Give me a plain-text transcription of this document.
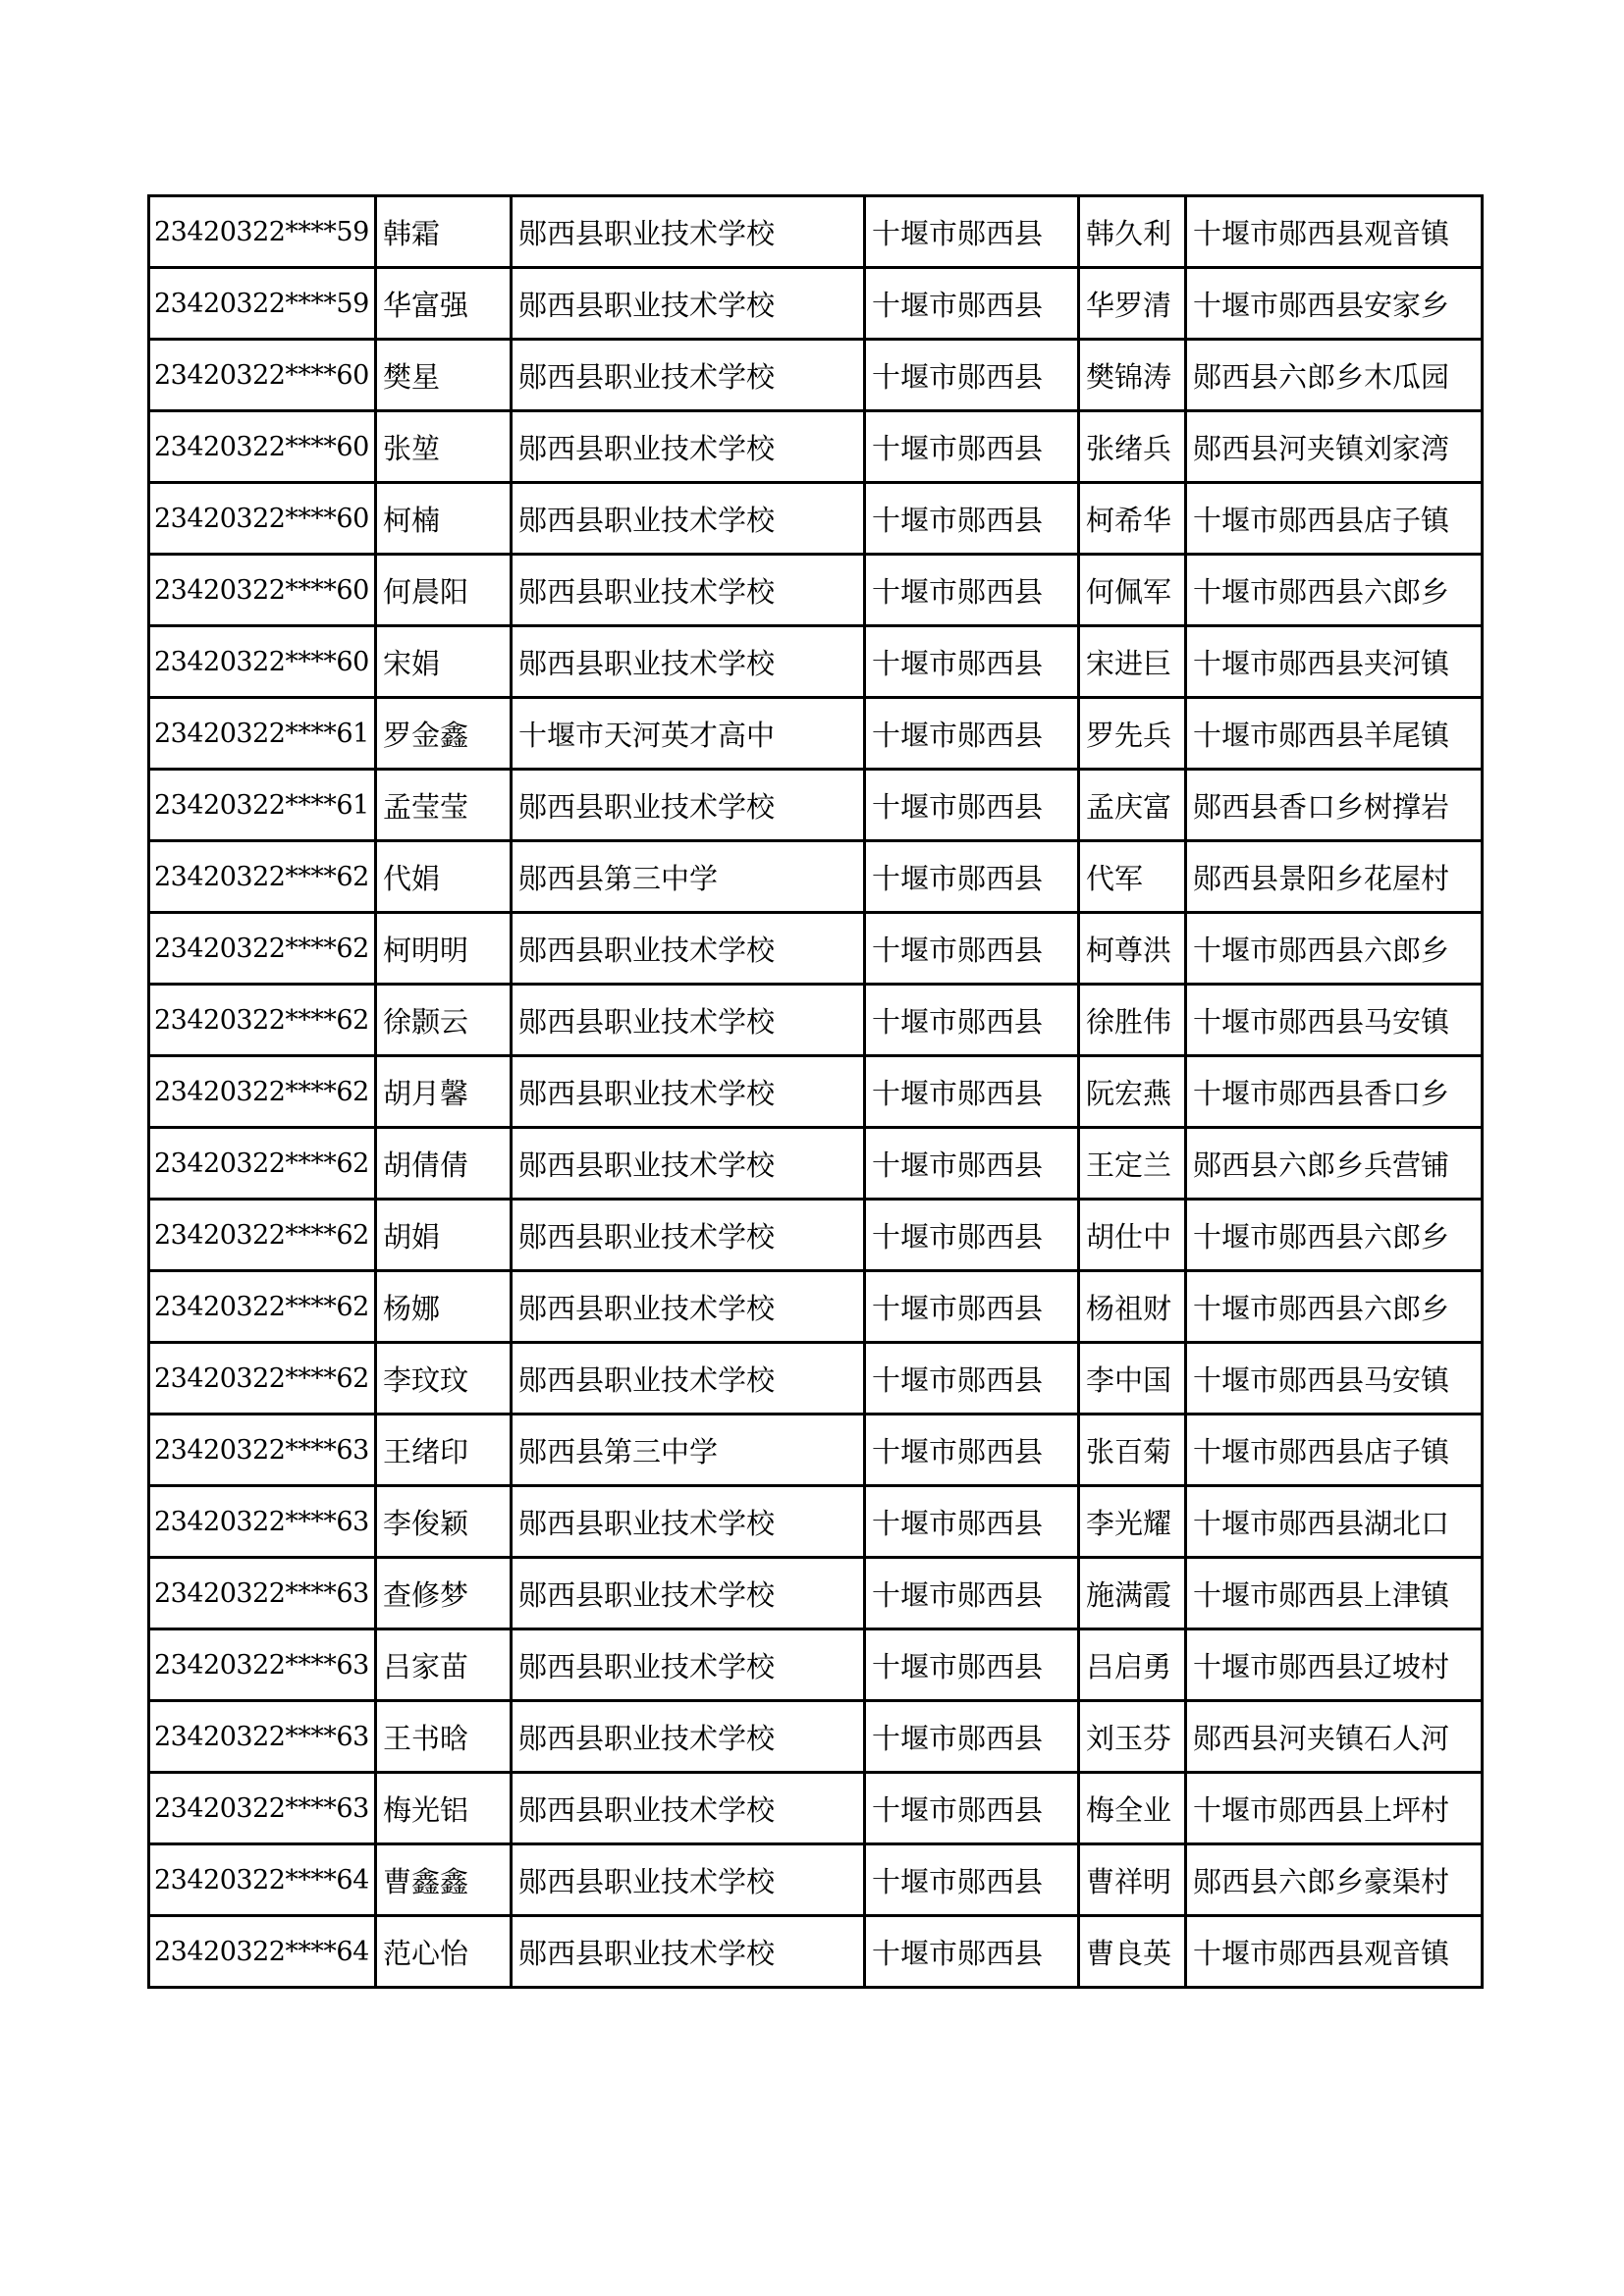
23420322****59	韩霜	郧西县职业技术学校	十堰市郧西县	韩久利	十堰市郧西县观音镇
23420322****59	华富强	郧西县职业技术学校	十堰市郧西县	华罗清	十堰市郧西县安家乡
23420322****60	樊星	郧西县职业技术学校	十堰市郧西县	樊锦涛	郧西县六郎乡木瓜园
23420322****60	张堃	郧西县职业技术学校	十堰市郧西县	张绪兵	郧西县河夹镇刘家湾
23420322****60	柯楠	郧西县职业技术学校	十堰市郧西县	柯希华	十堰市郧西县店子镇
23420322****60	何晨阳	郧西县职业技术学校	十堰市郧西县	何佩军	十堰市郧西县六郎乡
23420322****60	宋娟	郧西县职业技术学校	十堰市郧西县	宋进巨	十堰市郧西县夹河镇
23420322****61	罗金鑫	十堰市天河英才高中	十堰市郧西县	罗先兵	十堰市郧西县羊尾镇
23420322****61	孟莹莹	郧西县职业技术学校	十堰市郧西县	孟庆富	郧西县香口乡树撑岩
23420322****62	代娟	郧西县第三中学	十堰市郧西县	代军	郧西县景阳乡花屋村
23420322****62	柯明明	郧西县职业技术学校	十堰市郧西县	柯尊洪	十堰市郧西县六郎乡
23420322****62	徐颢云	郧西县职业技术学校	十堰市郧西县	徐胜伟	十堰市郧西县马安镇
23420322****62	胡月馨	郧西县职业技术学校	十堰市郧西县	阮宏燕	十堰市郧西县香口乡
23420322****62	胡倩倩	郧西县职业技术学校	十堰市郧西县	王定兰	郧西县六郎乡兵营铺
23420322****62	胡娟	郧西县职业技术学校	十堰市郧西县	胡仕中	十堰市郧西县六郎乡
23420322****62	杨娜	郧西县职业技术学校	十堰市郧西县	杨祖财	十堰市郧西县六郎乡
23420322****62	李玟玟	郧西县职业技术学校	十堰市郧西县	李中国	十堰市郧西县马安镇
23420322****63	王绪印	郧西县第三中学	十堰市郧西县	张百菊	十堰市郧西县店子镇
23420322****63	李俊颖	郧西县职业技术学校	十堰市郧西县	李光耀	十堰市郧西县湖北口
23420322****63	查修梦	郧西县职业技术学校	十堰市郧西县	施满霞	十堰市郧西县上津镇
23420322****63	吕家苗	郧西县职业技术学校	十堰市郧西县	吕启勇	十堰市郧西县辽坡村
23420322****63	王书晗	郧西县职业技术学校	十堰市郧西县	刘玉芬	郧西县河夹镇石人河
23420322****63	梅光铝	郧西县职业技术学校	十堰市郧西县	梅全业	十堰市郧西县上坪村
23420322****64	曹鑫鑫	郧西县职业技术学校	十堰市郧西县	曹祥明	郧西县六郎乡豪渠村
23420322****64	范心怡	郧西县职业技术学校	十堰市郧西县	曹良英	十堰市郧西县观音镇
